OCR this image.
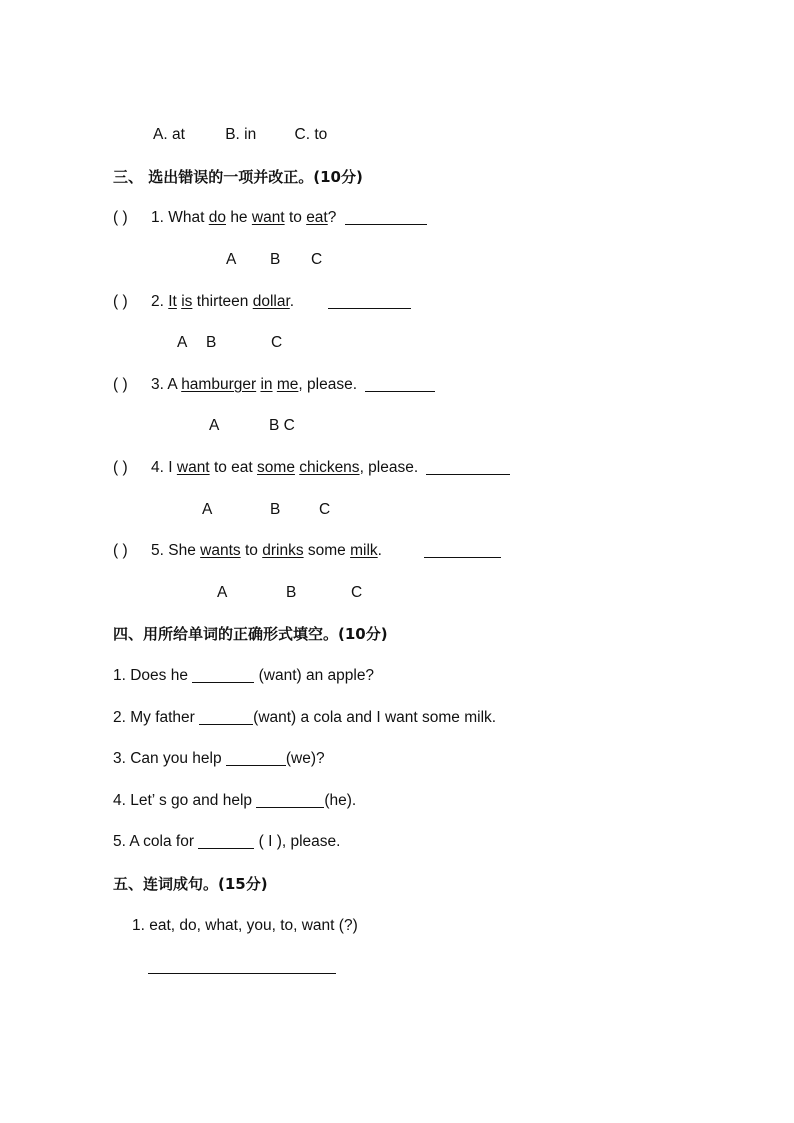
A. at	B. in C. to
三、 选出错误的一项并改正。(10分)
( ) 1. What do he want to eat?
A B C
( ) 2. It is thirteen dollar.
A B	C
( ) 3. A hamburger in me, please.
A	B C
( ) 4. I want to eat some chickens, please.
A	B C
( ) 5. She wants to drinks some milk.
A	B	C
四、用所给单词的正确形式填空。(10分)
1. Does he	(want) an apple?
2. My father	(want) a cola and I want some milk.
3. Can you help	(we)?
4. Let’ s go and help	(he).
5. A cola for	( I ), please.
五、连词成句。(15分)
1. eat, do, what, you, to, want (?)
